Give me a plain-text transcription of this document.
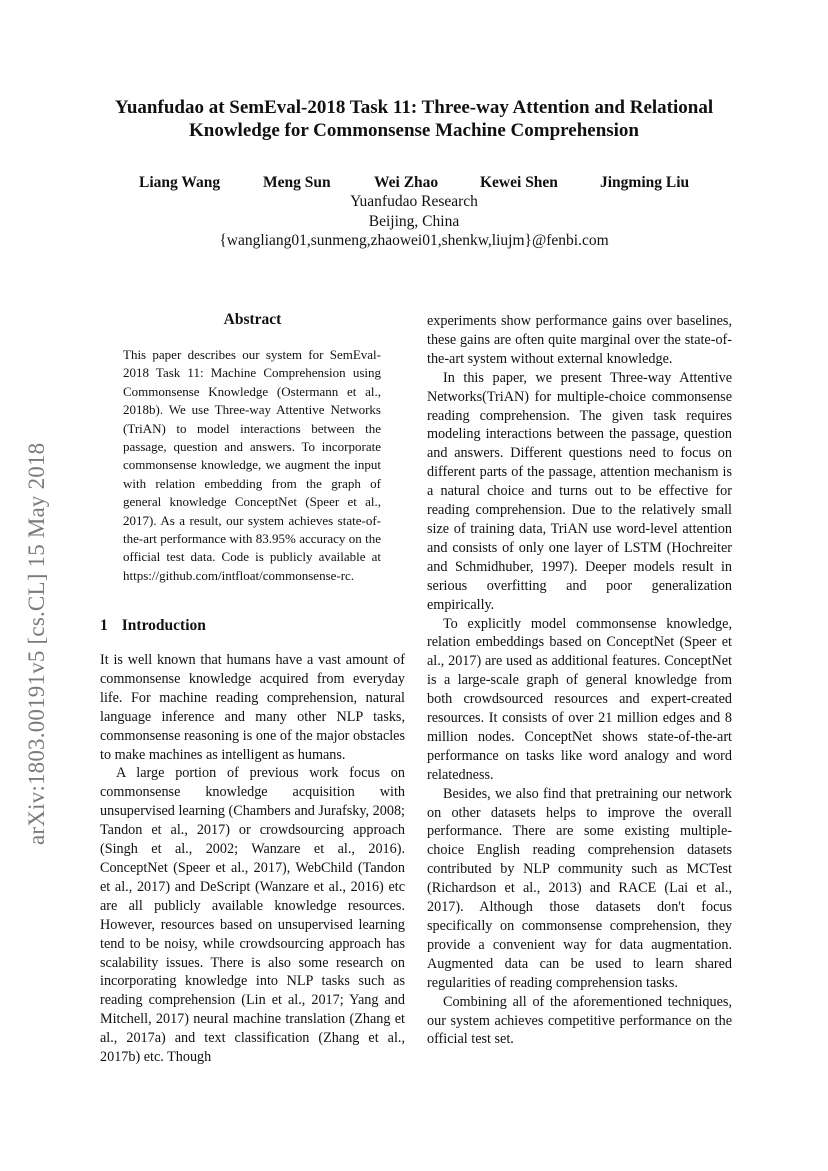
Yuanfudao at SemEval-2018 Task 11: Three-way Attention and Relational
Knowledge for Commonsense Machine Comprehension
Liang Wang	Meng Sun	Wei Zhao	Kewei Shen	Jingming Liu
Yuanfudao Research
Beijing, China
{wangliang01,sunmeng,zhaowei01,shenkw,liujm}@fenbi.com
arXiv:1803.00191v5 [cs.CL] 15 May 2018
Abstract
This paper describes our system for SemEval-2018 Task 11: Machine Comprehension using Commonsense Knowledge (Ostermann et al., 2018b). We use Three-way Attentive Networks (TriAN) to model interactions between the passage, question and answers. To incorporate commonsense knowledge, we augment the input with relation embedding from the graph of general knowledge ConceptNet (Speer et al., 2017). As a result, our system achieves state-of-the-art performance with 83.95% accuracy on the official test data. Code is publicly available at https://github.com/intfloat/commonsense-rc.
1 Introduction

It is well known that humans have a vast amount of commonsense knowledge acquired from everyday life. For machine reading comprehension, natural language inference and many other NLP tasks, commonsense reasoning is one of the major obstacles to make machines as intelligent as humans.

A large portion of previous work focus on commonsense knowledge acquisition with unsupervised learning (Chambers and Jurafsky, 2008; Tandon et al., 2017) or crowdsourcing approach (Singh et al., 2002; Wanzare et al., 2016). ConceptNet (Speer et al., 2017), WebChild (Tandon et al., 2017) and DeScript (Wanzare et al., 2016) etc are all publicly available knowledge resources. However, resources based on unsupervised learning tend to be noisy, while crowdsourcing approach has scalability issues. There is also some research on incorporating knowledge into NLP tasks such as reading comprehension (Lin et al., 2017; Yang and Mitchell, 2017) neural machine translation (Zhang et al., 2017a) and text classification (Zhang et al., 2017b) etc. Though

experiments show performance gains over baselines, these gains are often quite marginal over the state-of-the-art system without external knowledge.

In this paper, we present Three-way Attentive Networks(TriAN) for multiple-choice commonsense reading comprehension. The given task requires modeling interactions between the passage, question and answers. Different questions need to focus on different parts of the passage, attention mechanism is a natural choice and turns out to be effective for reading comprehension. Due to the relatively small size of training data, TriAN use word-level attention and consists of only one layer of LSTM (Hochreiter and Schmidhuber, 1997). Deeper models result in serious overfitting and poor generalization empirically.

To explicitly model commonsense knowledge, relation embeddings based on ConceptNet (Speer et al., 2017) are used as additional features. ConceptNet is a large-scale graph of general knowledge from both crowdsourced resources and expert-created resources. It consists of over 21 million edges and 8 million nodes. ConceptNet shows state-of-the-art performance on tasks like word analogy and word relatedness.

Besides, we also find that pretraining our network on other datasets helps to improve the overall performance. There are some existing multiple-choice English reading comprehension datasets contributed by NLP community such as MCTest (Richardson et al., 2013) and RACE (Lai et al., 2017). Although those datasets don't focus specifically on commonsense comprehension, they provide a convenient way for data augmentation. Augmented data can be used to learn shared regularities of reading comprehension tasks.

Combining all of the aforementioned techniques, our system achieves competitive performance on the official test set.
